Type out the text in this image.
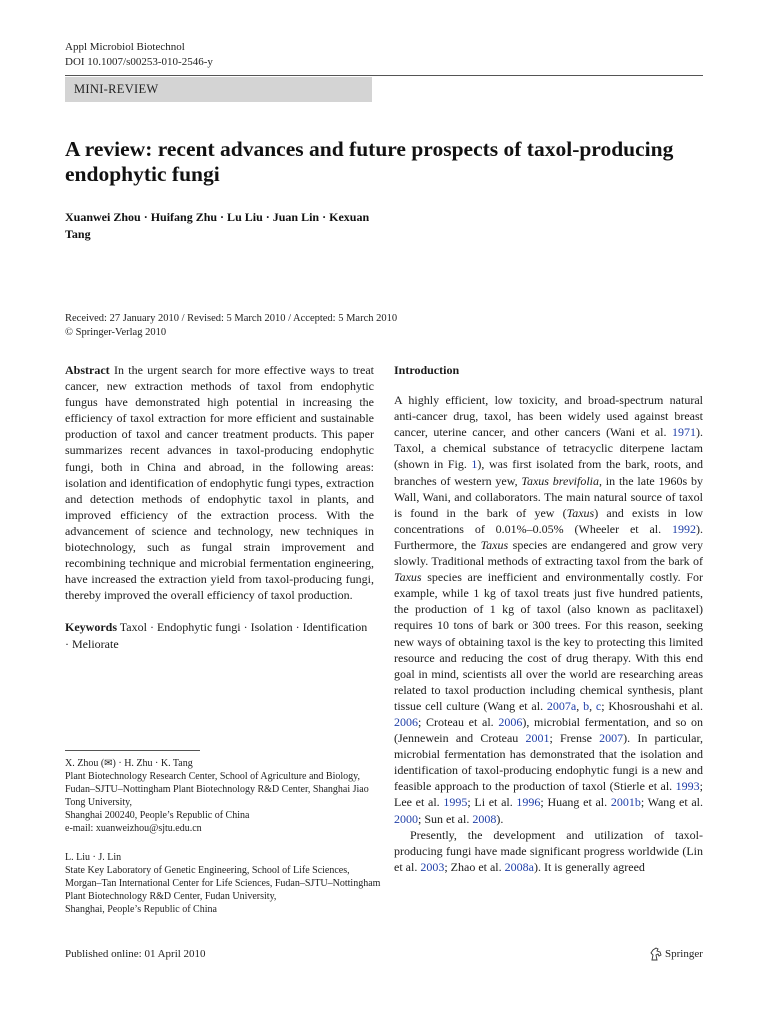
Appl Microbiol Biotechnol
DOI 10.1007/s00253-010-2546-y
MINI-REVIEW
A review: recent advances and future prospects of taxol-producing endophytic fungi
Xuanwei Zhou · Huifang Zhu · Lu Liu · Juan Lin · Kexuan Tang
Received: 27 January 2010 / Revised: 5 March 2010 / Accepted: 5 March 2010
© Springer-Verlag 2010

Abstract In the urgent search for more effective ways to treat cancer, new extraction methods of taxol from endophytic fungus have demonstrated high potential in increasing the efficiency of taxol extraction for more efficient and sustainable production of taxol and cancer treatment products. This paper summarizes recent advances in taxol-producing endophytic fungi, both in China and abroad, in the following areas: isolation and identification of endophytic fungi types, extraction and detection methods of endophytic taxol in plants, and improved efficiency of the extraction process. With the advancement of science and technology, new techniques in biotechnology, such as fungal strain improvement and recombining technique and microbial fermentation engineering, have increased the extraction yield from taxol-producing fungi, thereby improved the overall efficiency of taxol production.

Keywords Taxol · Endophytic fungi · Isolation · Identification · Meliorate

X. Zhou (✉) · H. Zhu · K. Tang

Plant Biotechnology Research Center, School of Agriculture and Biology, Fudan–SJTU–Nottingham Plant Biotechnology R&D Center, Shanghai Jiao Tong University,

Shanghai 200240, People’s Republic of China

e-mail: xuanweizhou@sjtu.edu.cn

L. Liu · J. Lin

State Key Laboratory of Genetic Engineering, School of Life Sciences, Morgan–Tan International Center for Life Sciences, Fudan–SJTU–Nottingham Plant Biotechnology R&D Center, Fudan University,

Shanghai, People’s Republic of China

Introduction

A highly efficient, low toxicity, and broad-spectrum natural anti-cancer drug, taxol, has been widely used against breast cancer, uterine cancer, and other cancers (Wani et al. 1971). Taxol, a chemical substance of tetracyclic diterpene lactam (shown in Fig. 1), was first isolated from the bark, roots, and branches of western yew, Taxus brevifolia, in the late 1960s by Wall, Wani, and collaborators. The main natural source of taxol is found in the bark of yew (Taxus) and exists in low concentrations of 0.01%–0.05% (Wheeler et al. 1992). Furthermore, the Taxus species are endangered and grow very slowly. Traditional methods of extracting taxol from the bark of Taxus species are inefficient and environmentally costly. For example, while 1 kg of taxol treats just five hundred patients, the production of 1 kg of taxol (also known as paclitaxel) requires 10 tons of bark or 300 trees. For this reason, seeking new ways of obtaining taxol is the key to protecting this limited resource and reducing the cost of drug therapy. With this end goal in mind, scientists all over the world are researching areas related to taxol production including chemical synthesis, plant tissue cell culture (Wang et al. 2007a, b, c; Khosroushahi et al. 2006; Croteau et al. 2006), microbial fermentation, and so on (Jennewein and Croteau 2001; Frense 2007). In particular, microbial fermentation has demonstrated that the isolation and identification of taxol-producing endophytic fungi is a new and feasible approach to the production of taxol (Stierle et al. 1993; Lee et al. 1995; Li et al. 1996; Huang et al. 2001b; Wang et al. 2000; Sun et al. 2008).

Presently, the development and utilization of taxol-producing fungi have made significant progress worldwide (Lin et al. 2003; Zhao et al. 2008a). It is generally agreed

Published online: 01 April 2010	Springer
